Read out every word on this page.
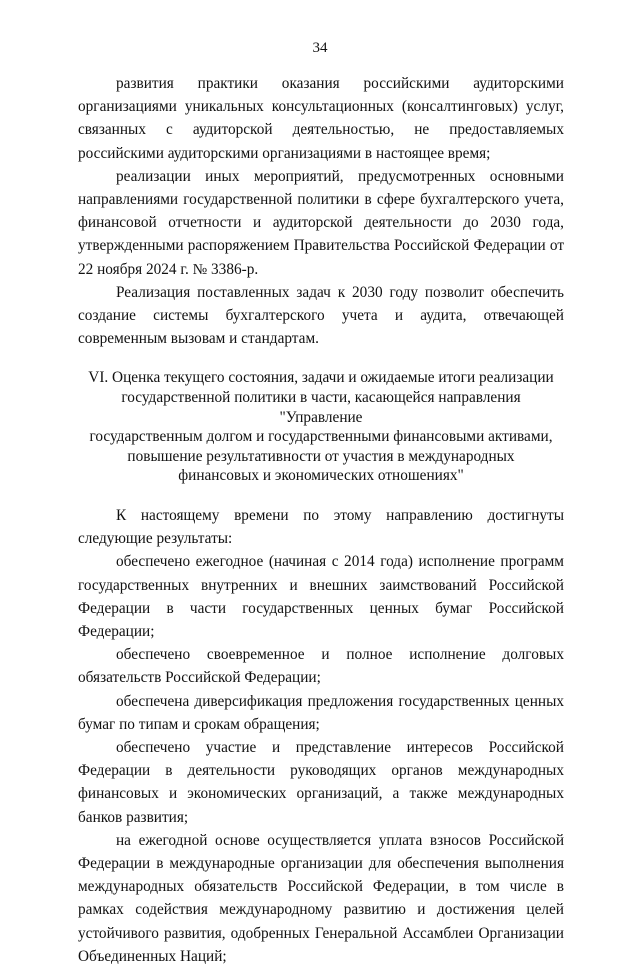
34

развития практики оказания российскими аудиторскими организациями уникальных консультационных (консалтинговых) услуг, связанных с аудиторской деятельностью, не предоставляемых российскими аудиторскими организациями в настоящее время;

реализации иных мероприятий, предусмотренных основными направлениями государственной политики в сфере бухгалтерского учета, финансовой отчетности и аудиторской деятельности до 2030 года, утвержденными распоряжением Правительства Российской Федерации от 22 ноября 2024 г. № 3386-р.

Реализация поставленных задач к 2030 году позволит обеспечить создание системы бухгалтерского учета и аудита, отвечающей современным вызовам и стандартам.

VI. Оценка текущего состояния, задачи и ожидаемые итоги реализации
государственной политики в части, касающейся направления "Управление
государственным долгом и государственными финансовыми активами,
повышение результативности от участия в международных
финансовых и экономических отношениях"

К настоящему времени по этому направлению достигнуты следующие результаты:

обеспечено ежегодное (начиная с 2014 года) исполнение программ государственных внутренних и внешних заимствований Российской Федерации в части государственных ценных бумаг Российской Федерации;

обеспечено своевременное и полное исполнение долговых обязательств Российской Федерации;

обеспечена диверсификация предложения государственных ценных бумаг по типам и срокам обращения;

обеспечено участие и представление интересов Российской Федерации в деятельности руководящих органов международных финансовых и экономических организаций, а также международных банков развития;

на ежегодной основе осуществляется уплата взносов Российской Федерации в международные организации для обеспечения выполнения международных обязательств Российской Федерации, в том числе в рамках содействия международному развитию и достижения целей устойчивого развития, одобренных Генеральной Ассамблеи Организации Объединенных Наций;
